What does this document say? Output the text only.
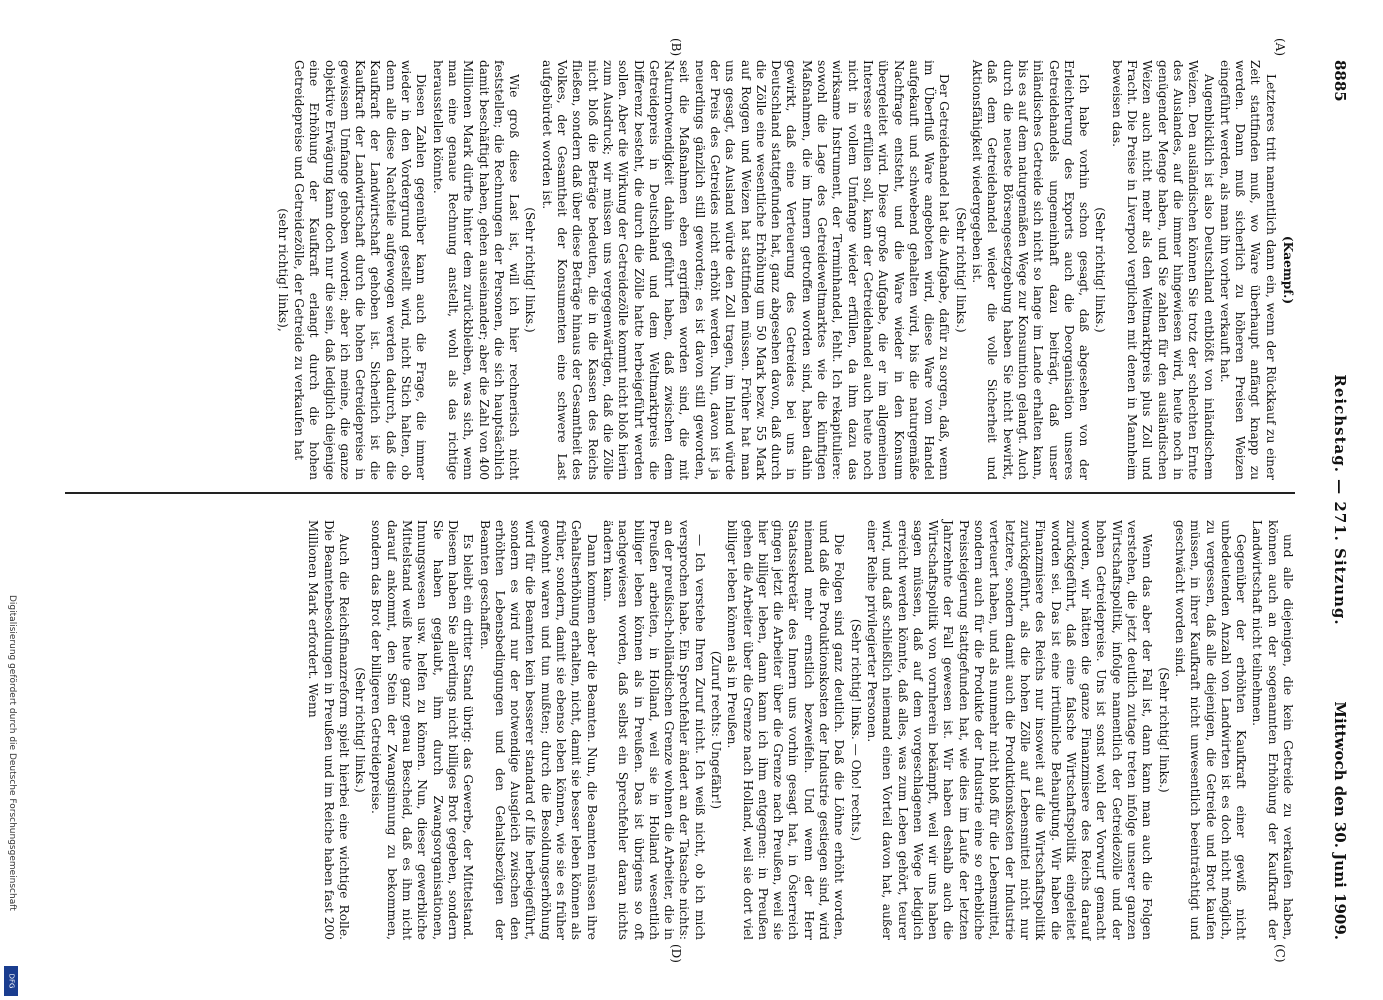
8885
Reichstag. — 271. Sitzung.
Mittwoch den 30. Juni 1909.
(A)
(B)
(C)
(D)

(Kaempf.)

Letzteres tritt namentlich dann ein, wenn der Rückkauf zu einer Zeit stattfinden muß, wo Ware überhaupt anfängt knapp zu werden. Dann muß sicherlich zu höheren Preisen Weizen eingeführt werden, als man ihn vorher verkauft hat.

Augenblicklich ist also Deutschland entblößt von inländischem Weizen. Den ausländischen können Sie trotz der schlechten Ernte des Auslandes, auf die immer hingewiesen wird, heute noch in genügender Menge haben, und Sie zahlen für den ausländischen Weizen auch nicht mehr als den Weltmarktpreis plus Zoll und Fracht. Die Preise in Liverpool verglichen mit denen in Mannheim beweisen das.

(Sehr richtig! links.)

Ich habe vorhin schon gesagt, daß abgesehen von der Erleichterung des Exports auch die Deorganisation unseres Getreidehandels ungemeinhaft dazu beiträgt, daß unser inländisches Getreide sich nicht so lange im Lande erhalten kann, bis es auf dem naturgemäßen Wege zur Konsumtion gelangt. Auch durch die neueste Börsengesetzgebung haben Sie nicht bewirkt, daß dem Getreidehandel wieder die volle Sicherheit und Aktionsfähigkeit wiedergegeben ist.

(Sehr richtig! links.)

Der Getreidehandel hat die Aufgabe, dafür zu sorgen, daß, wenn im Überfluß Ware angeboten wird, diese Ware vom Handel aufgekauft und schwebend gehalten wird, bis die naturgemäße Nachfrage entsteht, und die Ware wieder in den Konsum übergeleitet wird. Diese große Aufgabe, die er im allgemeinen Interesse erfüllen soll, kann der Getreidehandel auch heute noch nicht in vollem Umfange wieder erfüllen, da ihm dazu das wirksame Instrument, der Terminhandel, fehlt. Ich rekapituliere: sowohl die Lage des Getreideweltmarktes wie die künftigen Maßnahmen, die im Innern getroffen worden sind, haben dahin gewirkt, daß eine Verteuerung des Getreides bei uns in Deutschland stattgefunden hat, ganz abgesehen davon, daß durch die Zölle eine wesentliche Erhöhung um 50 Mark bezw. 55 Mark auf Roggen und Weizen hat stattfinden müssen. Früher hat man uns gesagt, das Ausland würde den Zoll tragen, im Inland würde der Preis des Getreides nicht erhöht werden. Nun, davon ist ja neuerdings gänzlich still geworden; es ist davon still geworden, seit die Maßnahmen eben ergriffen worden sind, die mit Naturnotwendigkeit dahin geführt haben, daß zwischen dem Getreidepreis in Deutschland und dem Weltmarktpreis die Differenz besteht, die durch die Zölle hatte herbeigeführt werden sollen. Aber die Wirkung der Getreidezölle kommt nicht bloß hierin zum Ausdruck; wir müssen uns vergegenwärtigen, daß die Zölle nicht bloß die Beträge bedeuten, die in die Kassen des Reichs fließen, sondern daß über diese Beträge hinaus der Gesamtheit des Volkes, der Gesamtheit der Konsumenten eine schwere Last aufgebürdet worden ist.

(Sehr richtig! links.)

Wie groß diese Last ist, will ich hier rechnerisch nicht feststellen; die Rechnungen der Personen, die sich hauptsächlich damit beschäftigt haben, gehen auseinander; aber die Zahl von 400 Millionen Mark dürfte hinter dem zurückbleiben, was sich, wenn man eine genaue Rechnung anstellt, wohl als das richtige herausstellen könnte.

Diesen Zahlen gegenüber kann auch die Frage, die immer wieder in den Vordergrund gestellt wird, nicht Stich halten, ob denn alle diese Nachteile aufgewogen werden dadurch, daß die Kaufkraft der Landwirtschaft gehoben ist. Sicherlich ist die Kaufkraft der Landwirtschaft durch die hohen Getreidepreise in gewissem Umfange gehoben worden; aber ich meine, die ganze objektive Erwägung kann doch nur die sein, daß lediglich diejenige eine Erhöhung der Kaufkraft erlangt durch die hohen Getreidepreise und Getreidezölle, der Getreide zu verkaufen hat

(sehr richtig! links),

und alle diejenigen, die kein Getreide zu verkaufen haben, können auch an der sogenannten Erhöhung der Kaufkraft der Landwirtschaft nicht teilnehmen.

Gegenüber der erhöhten Kaufkraft einer gewiß nicht unbedeutenden Anzahl von Landwirten ist es doch nicht möglich, zu vergessen, daß alle diejenigen, die Getreide und Brot kaufen müssen, in ihrer Kaufkraft nicht unwesentlich beeinträchtigt und geschwächt worden sind.

(Sehr richtig! links.)

Wenn das aber der Fall ist, dann kann man auch die Folgen verstehen, die jetzt deutlich zutage treten infolge unserer ganzen Wirtschaftspolitik, infolge namentlich der Getreidezölle und der hohen Getreidepreise. Uns ist sonst wohl der Vorwurf gemacht worden, wir hätten die ganze Finanzmisere des Reichs darauf zurückgeführt, daß eine falsche Wirtschaftspolitik eingeleitet worden sei. Das ist eine irrtümliche Behauptung. Wir haben die Finanzmisere des Reichs nur insoweit auf die Wirtschaftspolitik zurückgeführt, als die hohen Zölle auf Lebensmittel nicht nur letztere, sondern damit auch die Produktionskosten der Industrie verteuert haben, und als nunmehr nicht bloß für die Lebensmittel, sondern auch für die Produkte der Industrie eine so erhebliche Preissteigerung stattgefunden hat, wie dies im Laufe der letzten Jahrzehnte der Fall gewesen ist. Wir haben deshalb auch die Wirtschaftspolitik von vornherein bekämpft, weil wir uns haben sagen müssen, daß auf dem vorgeschlagenen Wege lediglich erreicht werden könnte, daß alles, was zum Leben gehört, teurer wird, und daß schließlich niemand einen Vorteil davon hat, außer einer Reihe privilegierter Personen.

(Sehr richtig! links. — Oho! rechts.)

Die Folgen sind ganz deutlich. Daß die Löhne erhöht worden, und daß die Produktionskosten der Industrie gestiegen sind, wird niemand mehr ernstlich bezweifeln. Und wenn der Herr Staatssekretär des Innern uns vorhin gesagt hat, in Österreich gingen jetzt die Arbeiter über die Grenze nach Preußen, weil sie hier billiger leben, dann kann ich ihm entgegnen: in Preußen gehen die Arbeiter über die Grenze nach Holland, weil sie dort viel billiger leben können als in Preußen.

(Zuruf rechts: Ungefähr!)

— Ich verstehe Ihren Zuruf nicht. Ich weiß nicht, ob ich mich versprochen habe. Ein Sprechfehler ändert an der Tatsache nichts: an der preußisch-holländischen Grenze wohnen die Arbeiter, die in Preußen arbeiten, in Holland, weil sie in Holland wesentlich billiger leben können als in Preußen. Das ist übrigens so oft nachgewiesen worden, daß selbst ein Sprechfehler daran nichts ändern kann.

Dann kommen aber die Beamten. Nun, die Beamten müssen ihre Gehaltserhöhung erhalten, nicht, damit sie besser leben können als früher, sondern, damit sie ebenso leben können, wie sie es früher gewohnt waren und tun mußten; durch die Besoldungserhöhung wird für die Beamten kein besserer standard of life herbeigeführt, sondern es wird nur der notwendige Ausgleich zwischen den erhöhten Lebensbedingungen und den Gehaltsbezügen der Beamten geschaffen.

Es bleibt ein dritter Stand übrig: das Gewerbe, der Mittelstand. Diesem haben Sie allerdings nicht billiges Brot gegeben, sondern Sie haben geglaubt, ihm durch Zwangsorganisationen, Innungswesen usw. helfen zu können. Nun, dieser gewerbliche Mittelstand weiß heute ganz genau Bescheid, daß es ihm nicht darauf ankommt, den Stein der Zwangsinnung zu bekommen, sondern das Brot der billigeren Getreidepreise.

(Sehr richtig! links.)

Auch die Reichsfinanzreform spielt hierbei eine wichtige Rolle. Die Beamtenbesoldungen in Preußen und im Reiche haben fast 200 Millionen Mark erfordert. Wenn

Digitalisierung gefördert durch die Deutsche Forschungsgemeinschaft
DFG
